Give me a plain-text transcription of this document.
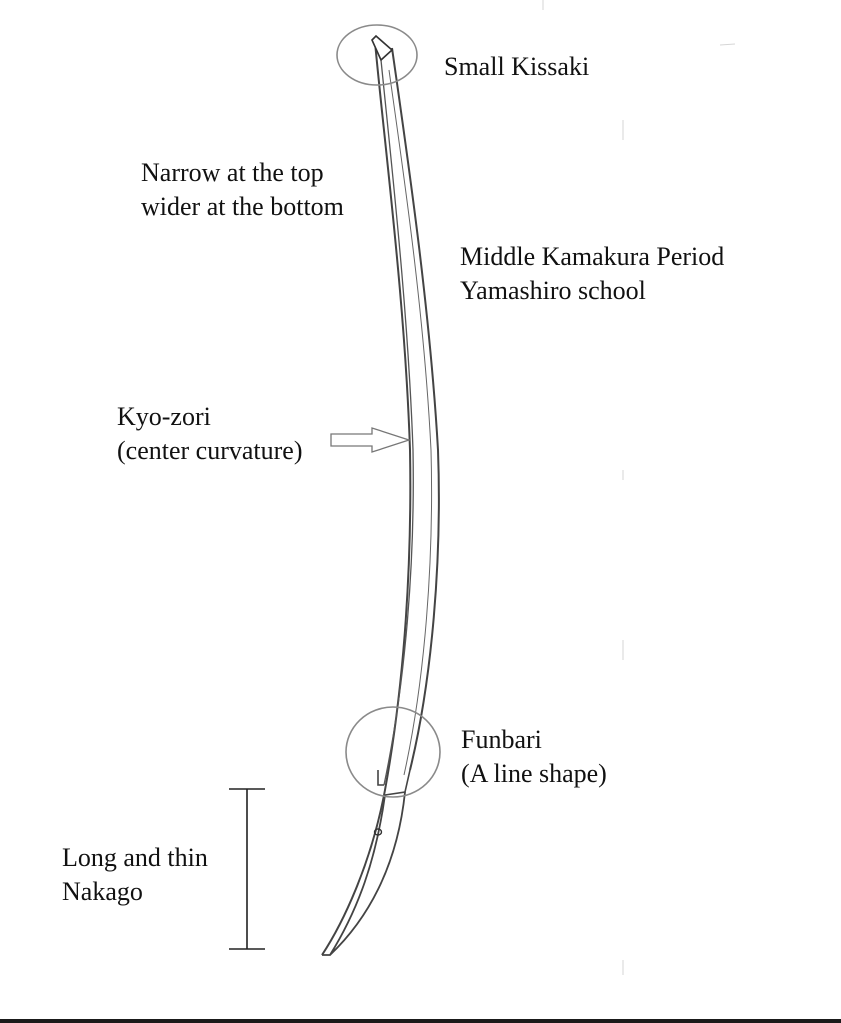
Small Kissaki
Narrow at the top
wider at the bottom
Middle Kamakura Period
Yamashiro school
Kyo-zori
(center curvature)
Funbari
(A line shape)
Long and thin
Nakago
